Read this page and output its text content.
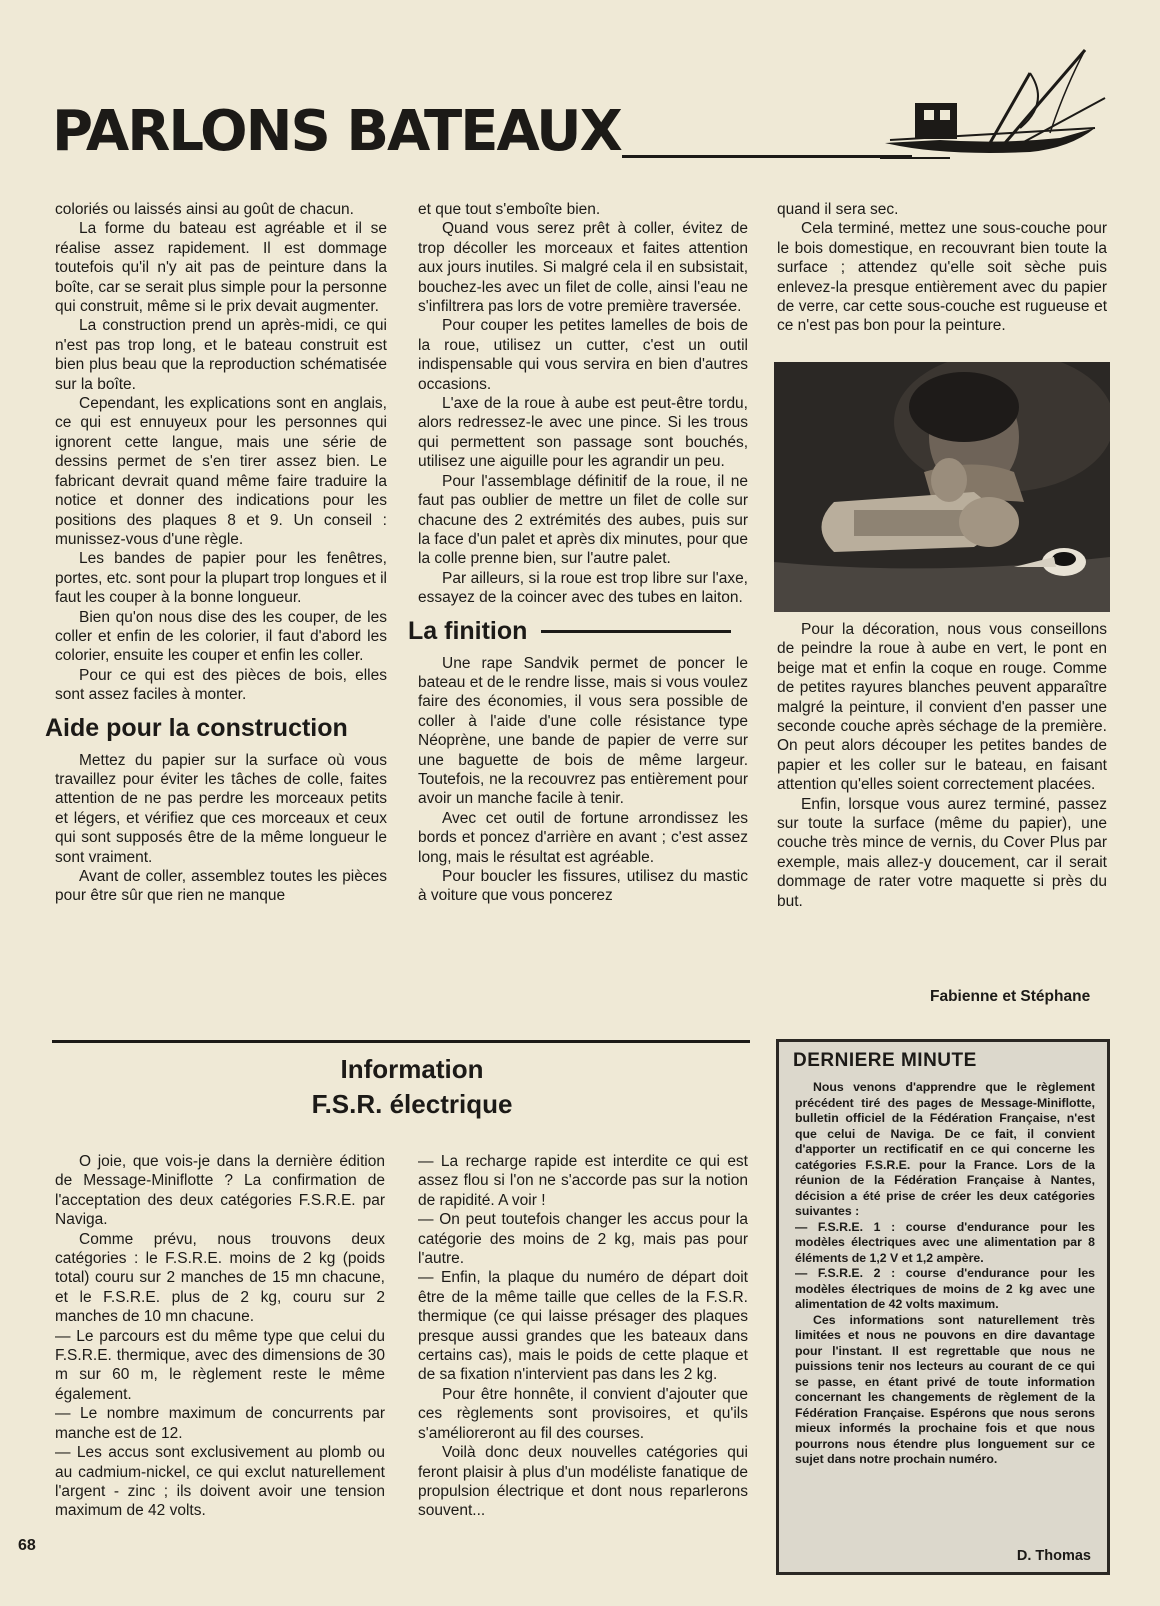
PARLONS BATEAUX

coloriés ou laissés ainsi au goût de chacun.

La forme du bateau est agréable et il se réalise assez rapidement. Il est dommage toutefois qu'il n'y ait pas de peinture dans la boîte, car se serait plus simple pour la personne qui construit, même si le prix devait augmenter.

La construction prend un après-midi, ce qui n'est pas trop long, et le bateau construit est bien plus beau que la reproduction schématisée sur la boîte.

Cependant, les explications sont en anglais, ce qui est ennuyeux pour les personnes qui ignorent cette langue, mais une série de dessins permet de s'en tirer assez bien. Le fabricant devrait quand même faire traduire la notice et donner des indications pour les positions des plaques 8 et 9. Un conseil : munissez-vous d'une règle.

Les bandes de papier pour les fenêtres, portes, etc. sont pour la plupart trop longues et il faut les couper à la bonne longueur.

Bien qu'on nous dise des les couper, de les coller et enfin de les colorier, il faut d'abord les colorier, ensuite les couper et enfin les coller.

Pour ce qui est des pièces de bois, elles sont assez faciles à monter.

Aide pour la construction

Mettez du papier sur la surface où vous travaillez pour éviter les tâches de colle, faites attention de ne pas perdre les morceaux petits et légers, et vérifiez que ces morceaux et ceux qui sont supposés être de la même longueur le sont vraiment.

Avant de coller, assemblez toutes les pièces pour être sûr que rien ne manque

et que tout s'emboîte bien.

Quand vous serez prêt à coller, évitez de trop décoller les morceaux et faites attention aux jours inutiles. Si malgré cela il en subsistait, bouchez-les avec un filet de colle, ainsi l'eau ne s'infiltrera pas lors de votre première traversée.

Pour couper les petites lamelles de bois de la roue, utilisez un cutter, c'est un outil indispensable qui vous servira en bien d'autres occasions.

L'axe de la roue à aube est peut-être tordu, alors redressez-le avec une pince. Si les trous qui permettent son passage sont bouchés, utilisez une aiguille pour les agrandir un peu.

Pour l'assemblage définitif de la roue, il ne faut pas oublier de mettre un filet de colle sur chacune des 2 extrémités des aubes, puis sur la face d'un palet et après dix minutes, pour que la colle prenne bien, sur l'autre palet.

Par ailleurs, si la roue est trop libre sur l'axe, essayez de la coincer avec des tubes en laiton.

La finition

Une rape Sandvik permet de poncer le bateau et de le rendre lisse, mais si vous voulez faire des économies, il vous sera possible de coller à l'aide d'une colle résistance type Néoprène, une bande de papier de verre sur une baguette de bois de même largeur. Toutefois, ne la recouvrez pas entièrement pour avoir un manche facile à tenir.

Avec cet outil de fortune arrondissez les bords et poncez d'arrière en avant ; c'est assez long, mais le résultat est agréable.

Pour boucler les fissures, utilisez du mastic à voiture que vous poncerez

quand il sera sec.

Cela terminé, mettez une sous-couche pour le bois domestique, en recouvrant bien toute la surface ; attendez qu'elle soit sèche puis enlevez-la presque entièrement avec du papier de verre, car cette sous-couche est rugueuse et ce n'est pas bon pour la peinture.

Pour la décoration, nous vous conseillons de peindre la roue à aube en vert, le pont en beige mat et enfin la coque en rouge. Comme de petites rayures blanches peuvent apparaître malgré la peinture, il convient d'en passer une seconde couche après séchage de la première. On peut alors découper les petites bandes de papier et les coller sur le bateau, en faisant attention qu'elles soient correctement placées.

Enfin, lorsque vous aurez terminé, passez sur toute la surface (même du papier), une couche très mince de vernis, du Cover Plus par exemple, mais allez-y doucement, car il serait dommage de rater votre maquette si près du but.

Fabienne et Stéphane
Information
F.S.R. électrique

O joie, que vois-je dans la dernière édition de Message-Miniflotte ? La confirmation de l'acceptation des deux catégories F.S.R.E. par Naviga.

Comme prévu, nous trouvons deux catégories : le F.S.R.E. moins de 2 kg (poids total) couru sur 2 manches de 15 mn chacune, et le F.S.R.E. plus de 2 kg, couru sur 2 manches de 10 mn chacune.

— Le parcours est du même type que celui du F.S.R.E. thermique, avec des dimensions de 30 m sur 60 m, le règlement reste le même également.

— Le nombre maximum de concurrents par manche est de 12.

— Les accus sont exclusivement au plomb ou au cadmium-nickel, ce qui exclut naturellement l'argent - zinc ; ils doivent avoir une tension maximum de 42 volts.

— La recharge rapide est interdite ce qui est assez flou si l'on ne s'accorde pas sur la notion de rapidité. A voir !

— On peut toutefois changer les accus pour la catégorie des moins de 2 kg, mais pas pour l'autre.

— Enfin, la plaque du numéro de départ doit être de la même taille que celles de la F.S.R. thermique (ce qui laisse présager des plaques presque aussi grandes que les bateaux dans certains cas), mais le poids de cette plaque et de sa fixation n'intervient pas dans les 2 kg.

Pour être honnête, il convient d'ajouter que ces règlements sont provisoires, et qu'ils s'amélioreront au fil des courses.

Voilà donc deux nouvelles catégories qui feront plaisir à plus d'un modéliste fanatique de propulsion électrique et dont nous reparlerons souvent...

DERNIERE MINUTE

Nous venons d'apprendre que le règlement précédent tiré des pages de Message-Miniflotte, bulletin officiel de la Fédération Française, n'est que celui de Naviga. De ce fait, il convient d'apporter un rectificatif en ce qui concerne les catégories F.S.R.E. pour la France. Lors de la réunion de la Fédération Française à Nantes, décision a été prise de créer les deux catégories suivantes :

— F.S.R.E. 1 : course d'endurance pour les modèles électriques avec une alimentation par 8 éléments de 1,2 V et 1,2 ampère.

— F.S.R.E. 2 : course d'endurance pour les modèles électriques de moins de 2 kg avec une alimentation de 42 volts maximum.

Ces informations sont naturellement très limitées et nous ne pouvons en dire davantage pour l'instant. Il est regrettable que nous ne puissions tenir nos lecteurs au courant de ce qui se passe, en étant privé de toute information concernant les changements de règlement de la Fédération Française. Espérons que nous serons mieux informés la prochaine fois et que nous pourrons nous étendre plus longuement sur ce sujet dans notre prochain numéro.

D. Thomas
68
